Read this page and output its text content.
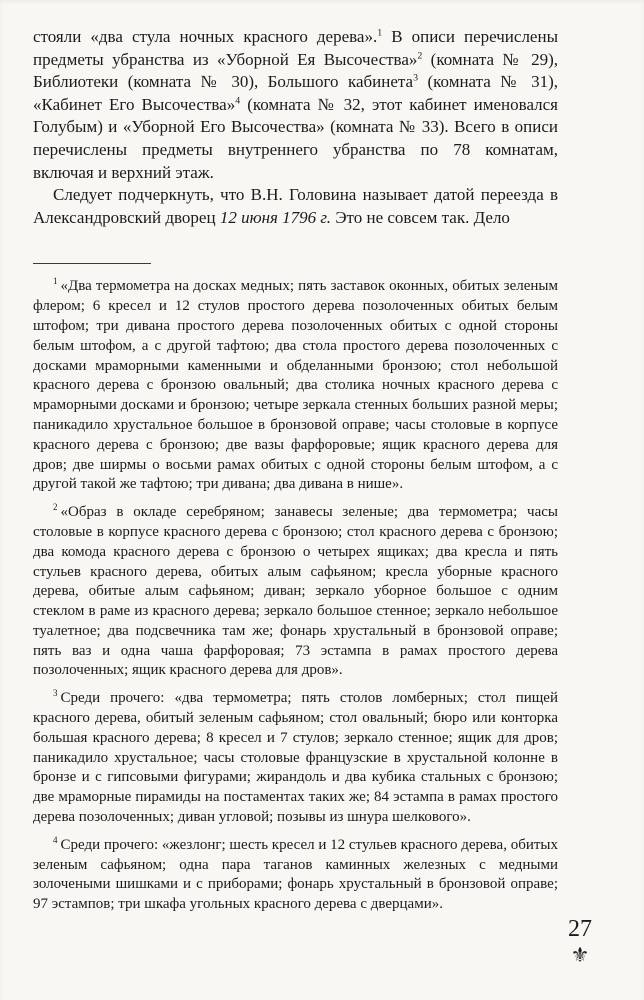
стояли «два стула ночных красного дерева».$^1$ В описи перечислены предметы убранства из «Уборной Ея Высочества»$^2$ (комната № 29), Библиотеки (комната № 30), Большого кабинета$^3$ (комната № 31), «Кабинет Его Высочества»$^4$ (комната № 32, этот кабинет именовался Голубым) и «Уборной Его Высочества» (комната № 33). Всего в описи перечислены предметы внутреннего убранства по 78 комнатам, включая и верхний этаж.

Следует подчеркнуть, что В.Н. Головина называет датой переезда в Александровский дворец 12 июня 1796 г. Это не совсем так. Дело

$^1$ «Два термометра на досках медных; пять заставок оконных, обитых зеленым флером; 6 кресел и 12 стулов простого дерева позолоченных обитых белым штофом; три дивана простого дерева позолоченных обитых с одной стороны белым штофом, а с другой тафтою; два стола простого дерева позолоченных с досками мраморными каменными и обделанными бронзою; стол небольшой красного дерева с бронзою овальный; два столика ночных красного дерева с мраморными досками и бронзою; четыре зеркала стенных больших разной меры; паникадило хрустальное большое в бронзовой оправе; часы столовые в корпусе красного дерева с бронзою; две вазы фарфоровые; ящик красного дерева для дров; две ширмы о восьми рамах обитых с одной стороны белым штофом, а с другой такой же тафтою; три дивана; два дивана в нише».

$^2$ «Образ в окладе серебряном; занавесы зеленые; два термометра; часы столовые в корпусе красного дерева с бронзою; стол красного дерева с бронзою; два комода красного дерева с бронзою о четырех ящиках; два кресла и пять стульев красного дерева, обитых алым сафьяном; кресла уборные красного дерева, обитые алым сафьяном; диван; зеркало уборное большое с одним стеклом в раме из красного дерева; зеркало большое стенное; зеркало небольшое туалетное; два подсвечника там же; фонарь хрустальный в бронзовой оправе; пять ваз и одна чаша фарфоровая; 73 эстампа в рамах простого дерева позолоченных; ящик красного дерева для дров».

$^3$ Среди прочего: «два термометра; пять столов ломберных; стол пищей красного дерева, обитый зеленым сафьяном; стол овальный; бюро или конторка большая красного дерева; 8 кресел и 7 стулов; зеркало стенное; ящик для дров; паникадило хрустальное; часы столовые французские в хрустальной колонне в бронзе и с гипсовыми фигурами; жирандоль и два кубика стальных с бронзою; две мраморные пирамиды на постаментах таких же; 84 эстампа в рамах простого дерева позолоченных; диван угловой; позывы из шнура шелкового».

$^4$ Среди прочего: «жезлонг; шесть кресел и 12 стульев красного дерева, обитых зеленым сафьяном; одна пара таганов каминных железных с медными золочеными шишками и с приборами; фонарь хрустальный в бронзовой оправе; 97 эстампов; три шкафа угольных красного дерева с дверцами».

27
⚜
